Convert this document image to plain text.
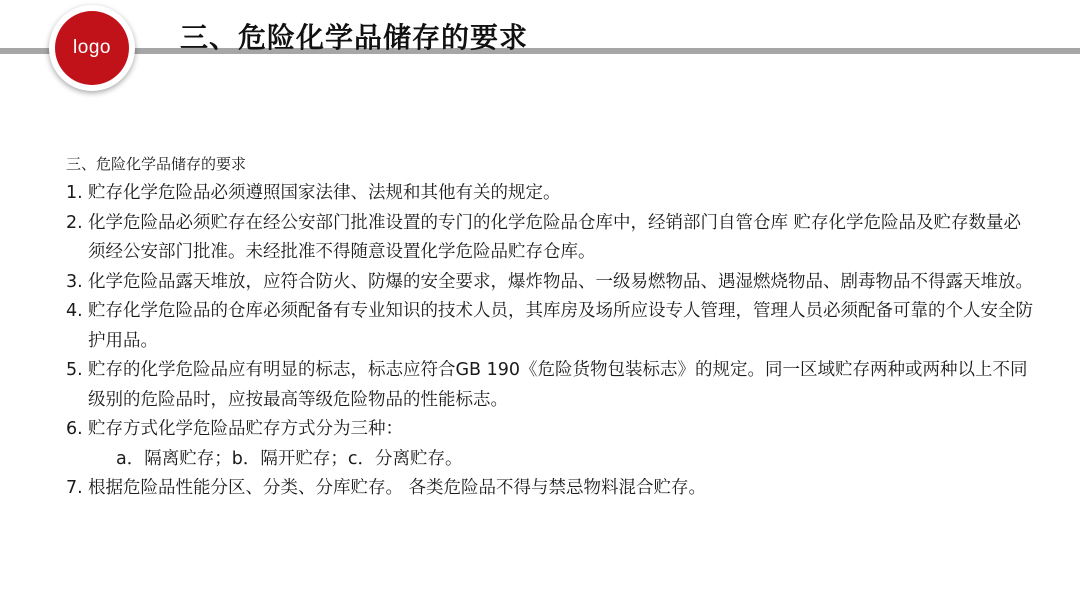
logo 三、危险化学品储存的要求
三、危险化学品储存的要求
1. 贮存化学危险品必须遵照国家法律、法规和其他有关的规定。
2. 化学危险品必须贮存在经公安部门批准设置的专门的化学危险品仓库中，经销部门自管仓库 贮存化学危险品及贮存数量必须经公安部门批准。未经批准不得随意设置化学危险品贮存仓库。
3. 化学危险品露天堆放，应符合防火、防爆的安全要求，爆炸物品、一级易燃物品、遇湿燃烧物品、剧毒物品不得露天堆放。
4. 贮存化学危险品的仓库必须配备有专业知识的技术人员，其库房及场所应设专人管理，管理人员必须配备可靠的个人安全防护用品。
5. 贮存的化学危险品应有明显的标志，标志应符合GB 190《危险货物包装标志》的规定。同一区域贮存两种或两种以上不同级别的危险品时，应按最高等级危险物品的性能标志。
6. 贮存方式化学危险品贮存方式分为三种：
a．隔离贮存；b．隔开贮存；c．分离贮存。
7. 根据危险品性能分区、分类、分库贮存。 各类危险品不得与禁忌物料混合贮存。
